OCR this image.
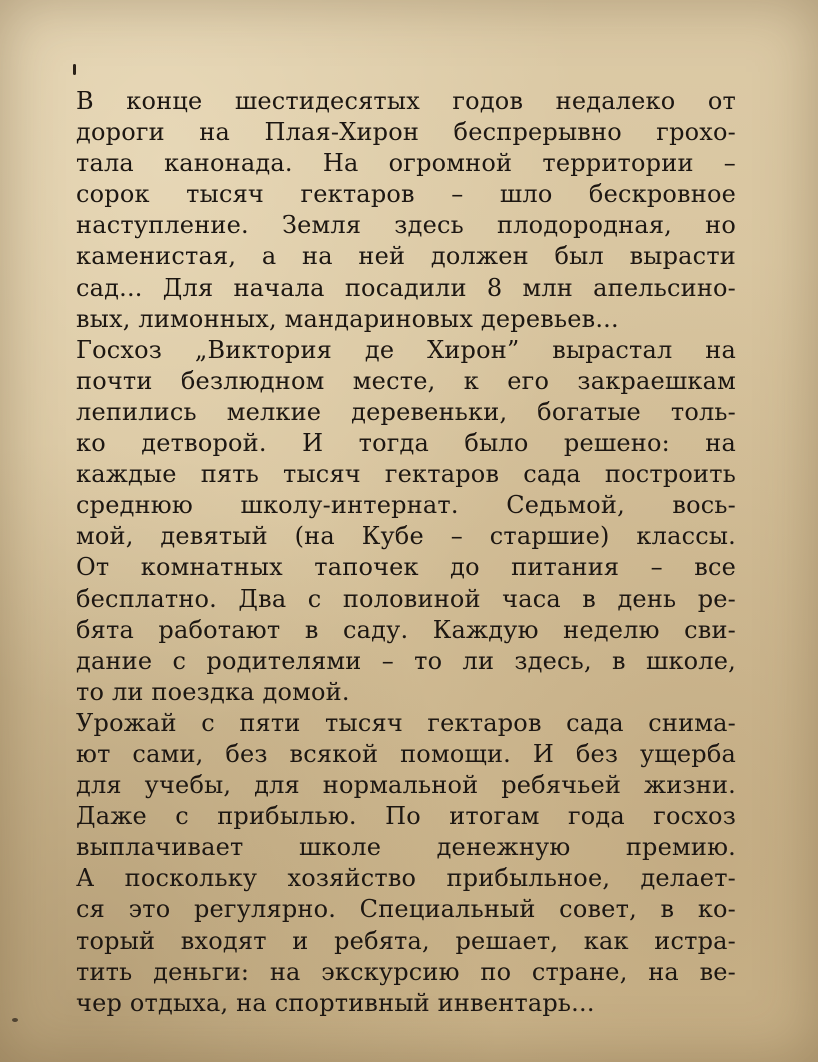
В конце шестидесятых годов недалеко от
дороги на Плая-Хирон беспрерывно грохо-
тала канонада. На огромной территории –
сорок тысяч гектаров – шло бескровное
наступление. Земля здесь плодородная, но
каменистая, а на ней должен был вырасти
сад... Для начала посадили 8 млн апельсино-
вых, лимонных, мандариновых деревьев...
Госхоз „Виктория де Хирон” вырастал на
почти безлюдном месте, к его закраешкам
лепились мелкие деревеньки, богатые толь-
ко детворой. И тогда было решено: на
каждые пять тысяч гектаров сада построить
среднюю школу-интернат. Седьмой, вось-
мой, девятый (на Кубе – старшие) классы.
От комнатных тапочек до питания – все
бесплатно. Два с половиной часа в день ре-
бята работают в саду. Каждую неделю сви-
дание с родителями – то ли здесь, в школе,
то ли поездка домой.
Урожай с пяти тысяч гектаров сада снима-
ют сами, без всякой помощи. И без ущерба
для учебы, для нормальной ребячьей жизни.
Даже с прибылью. По итогам года госхоз
выплачивает школе денежную премию.
А поскольку хозяйство прибыльное, делает-
ся это регулярно. Специальный совет, в ко-
торый входят и ребята, решает, как истра-
тить деньги: на экскурсию по стране, на ве-
чер отдыха, на спортивный инвентарь...
